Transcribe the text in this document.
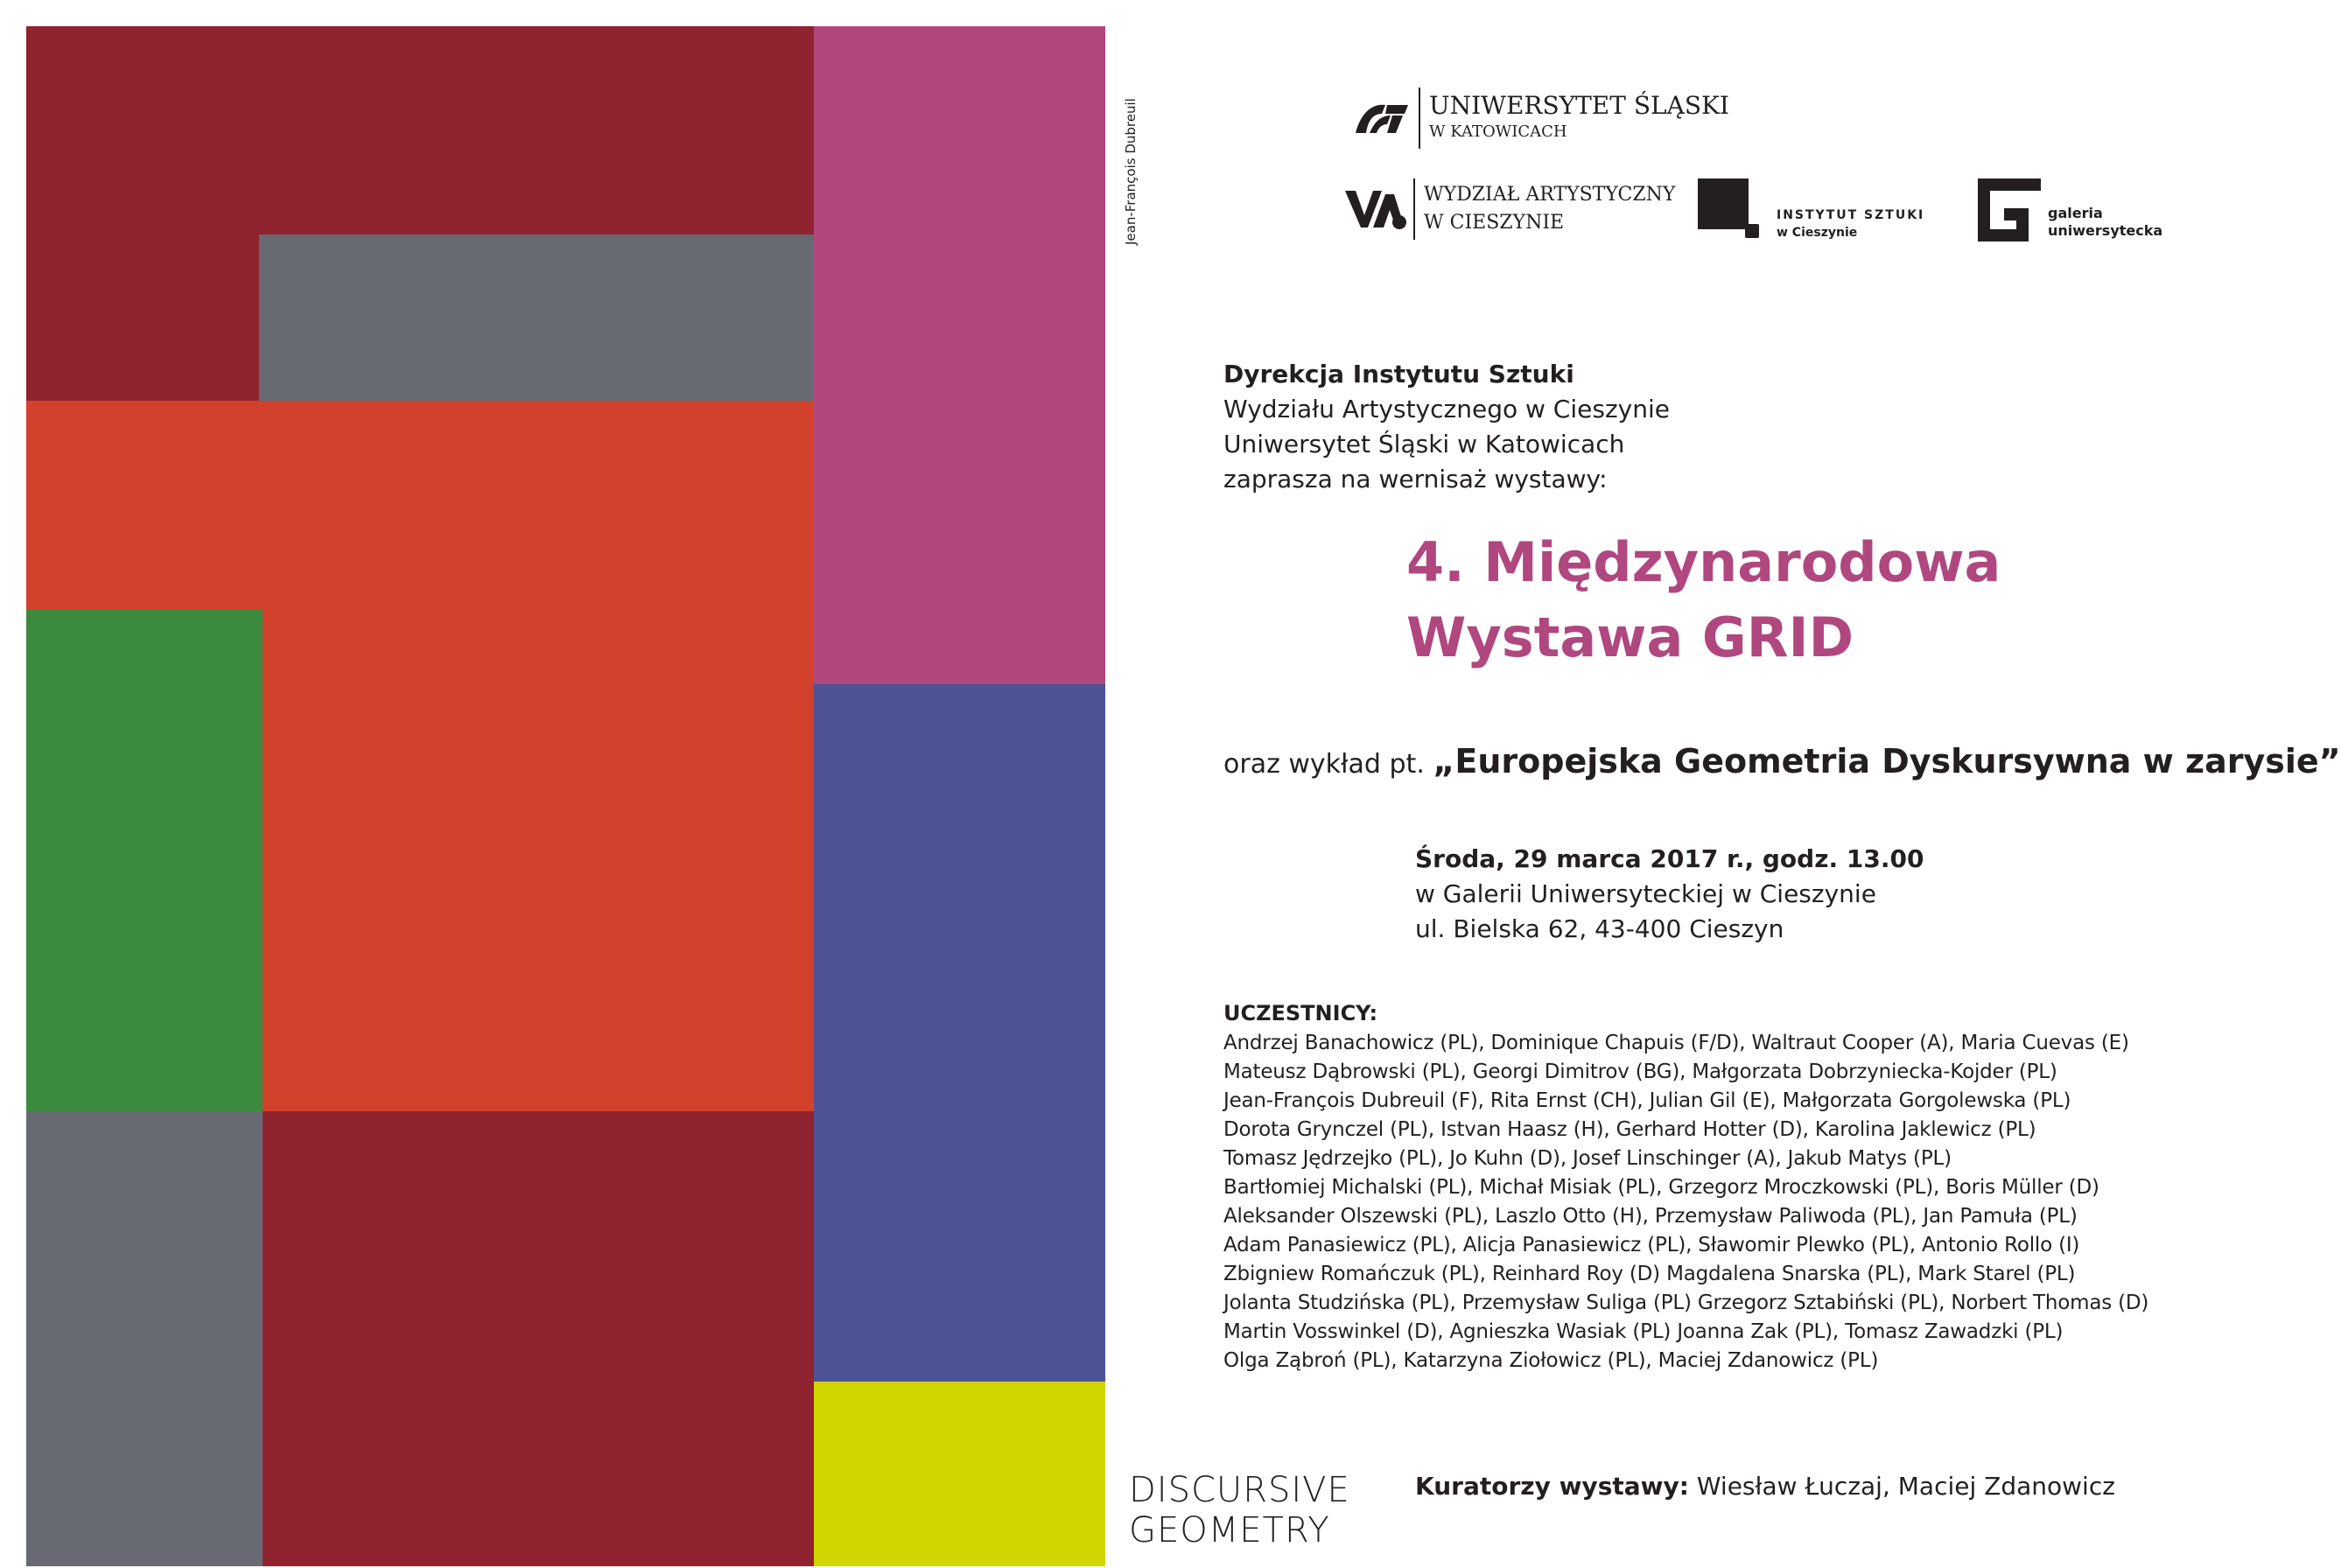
Jean-François Dubreuil	UNIWERSYTET ŚLĄSKI
W KATOWICACH
WYDZIAŁ ARTYSTYCZNY
W CIESZYNIE	INSTYTUT SZTUKI
w Cieszynie
galeria
uniwersytecka
Dyrekcja Instytutu Sztuki
Wydziału Artystycznego w Cieszynie
Uniwersytet Śląski w Katowicach
zaprasza na wernisaż wystawy:
4. Międzynarodowa
Wystawa GRID
oraz wykład pt. „Europejska Geometria Dyskursywna w zarysie”
Środa, 29 marca 2017 r., godz. 13.00
w Galerii Uniwersyteckiej w Cieszynie
ul. Bielska 62, 43-400 Cieszyn
UCZESTNICY:
Andrzej Banachowicz (PL), Dominique Chapuis (F/D), Waltraut Cooper (A), Maria Cuevas (E)
Mateusz Dąbrowski (PL), Georgi Dimitrov (BG), Małgorzata Dobrzyniecka-Kojder (PL)
Jean-François Dubreuil (F), Rita Ernst (CH), Julian Gil (E), Małgorzata Gorgolewska (PL)
Dorota Grynczel (PL), Istvan Haasz (H), Gerhard Hotter (D), Karolina Jaklewicz (PL)
Tomasz Jędrzejko (PL), Jo Kuhn (D), Josef Linschinger (A), Jakub Matys (PL)
Bartłomiej Michalski (PL), Michał Misiak (PL), Grzegorz Mroczkowski (PL), Boris Müller (D)
Aleksander Olszewski (PL), Laszlo Otto (H), Przemysław Paliwoda (PL), Jan Pamuła (PL)
Adam Panasiewicz (PL), Alicja Panasiewicz (PL), Sławomir Plewko (PL), Antonio Rollo (I)
Zbigniew Romańczuk (PL), Reinhard Roy (D) Magdalena Snarska (PL), Mark Starel (PL)
Jolanta Studzińska (PL), Przemysław Suliga (PL) Grzegorz Sztabiński (PL), Norbert Thomas (D)
Martin Vosswinkel (D), Agnieszka Wasiak (PL) Joanna Zak (PL), Tomasz Zawadzki (PL)
Olga Ząbroń (PL), Katarzyna Ziołowicz (PL), Maciej Zdanowicz (PL)
DISCURSIVE
GEOMETRY
Kuratorzy wystawy: Wiesław Łuczaj, Maciej Zdanowicz
